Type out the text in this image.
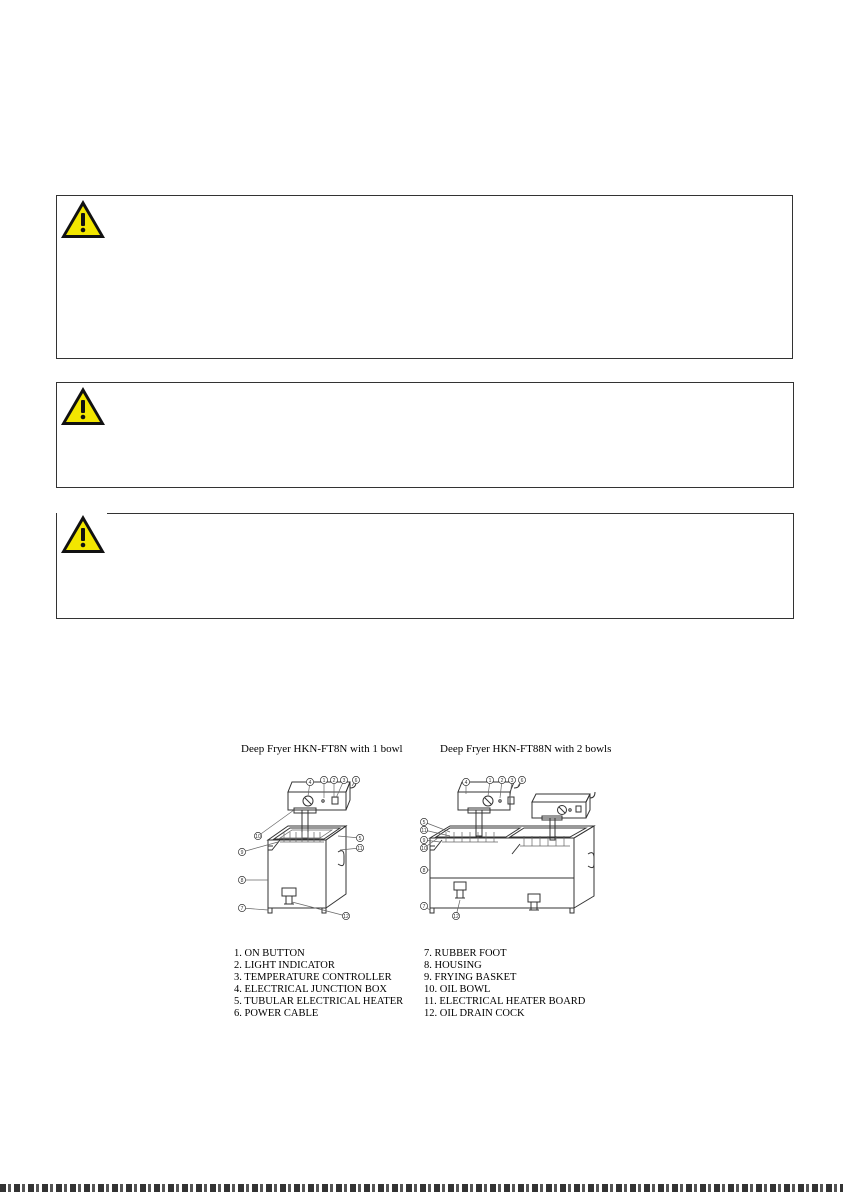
Deep Fryer HKN-FT8N with 1 bowl	Deep Fryer HKN-FT88N with 2 bowls
4 1 2 3 6
10
9
8
7
5
11
12
4	1 2 3 6
5
11
9
10
8
7
12
1. ON BUTTON
2. LIGHT INDICATOR
3. TEMPERATURE CONTROLLER
4. ELECTRICAL JUNCTION BOX
5. TUBULAR ELECTRICAL HEATER
6. POWER CABLE
7. RUBBER FOOT
8. HOUSING
9. FRYING BASKET
10. OIL BOWL
11. ELECTRICAL HEATER BOARD
12. OIL DRAIN COCK
